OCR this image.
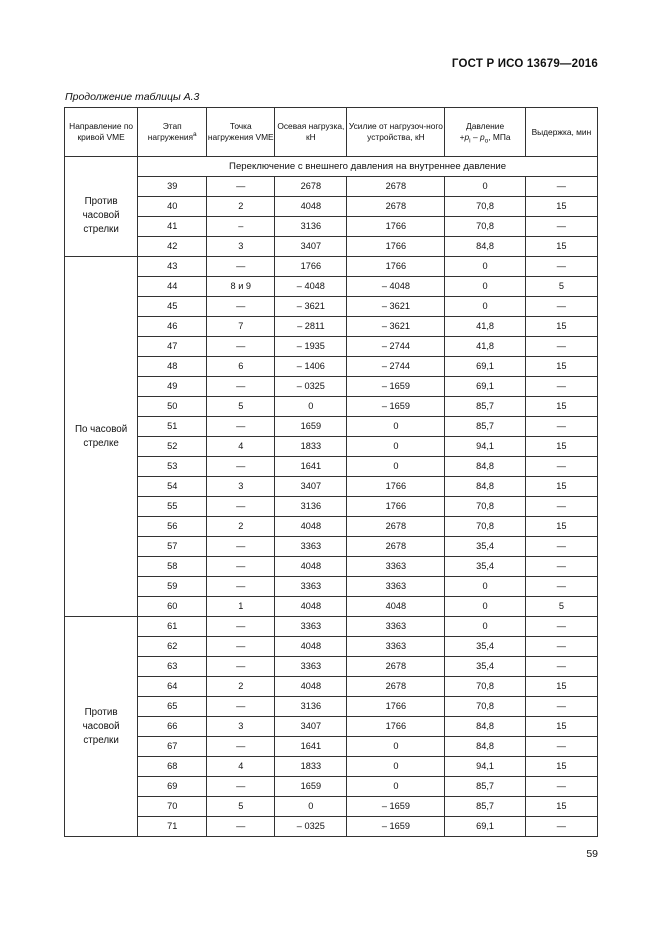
ГОСТ Р ИСО 13679—2016
Продолжение таблицы А.3
Направление по кривой VME	Этап нагружения$^а$	Точка нагружения VME	Осевая нагрузка, кН	Усилие от нагрузоч-ного устройства, кН	Давление
$+p_i - p_o$, МПа	Выдержка, мин
	Переключение с внешнего давления на внутреннее давление					
Против часовой стрелки	39	—	2678	2678	0	—
	40	2	4048	2678	70,8	15
	41	–	3136	1766	70,8	—
	42	3	3407	1766	84,8	15
По часовой стрелке	43	—	1766	1766	0	—
	44	8 и 9	– 4048	– 4048	0	5
	45	—	– 3621	– 3621	0	—
	46	7	– 2811	– 3621	41,8	15
	47	—	– 1935	– 2744	41,8	—
	48	6	– 1406	– 2744	69,1	15
	49	—	– 0325	– 1659	69,1	—
	50	5	0	– 1659	85,7	15
	51	—	1659	0	85,7	—
	52	4	1833	0	94,1	15
	53	—	1641	0	84,8	—
	54	3	3407	1766	84,8	15
	55	—	3136	1766	70,8	—
	56	2	4048	2678	70,8	15
	57	—	3363	2678	35,4	—
	58	—	4048	3363	35,4	—
	59	—	3363	3363	0	—
	60	1	4048	4048	0	5
Против часовой стрелки	61	—	3363	3363	0	—
	62	—	4048	3363	35,4	—
	63	—	3363	2678	35,4	—
	64	2	4048	2678	70,8	15
	65	—	3136	1766	70,8	—
	66	3	3407	1766	84,8	15
	67	—	1641	0	84,8	—
	68	4	1833	0	94,1	15
	69	—	1659	0	85,7	—
	70	5	0	– 1659	85,7	15
	71	—	– 0325	– 1659	69,1	—
59
